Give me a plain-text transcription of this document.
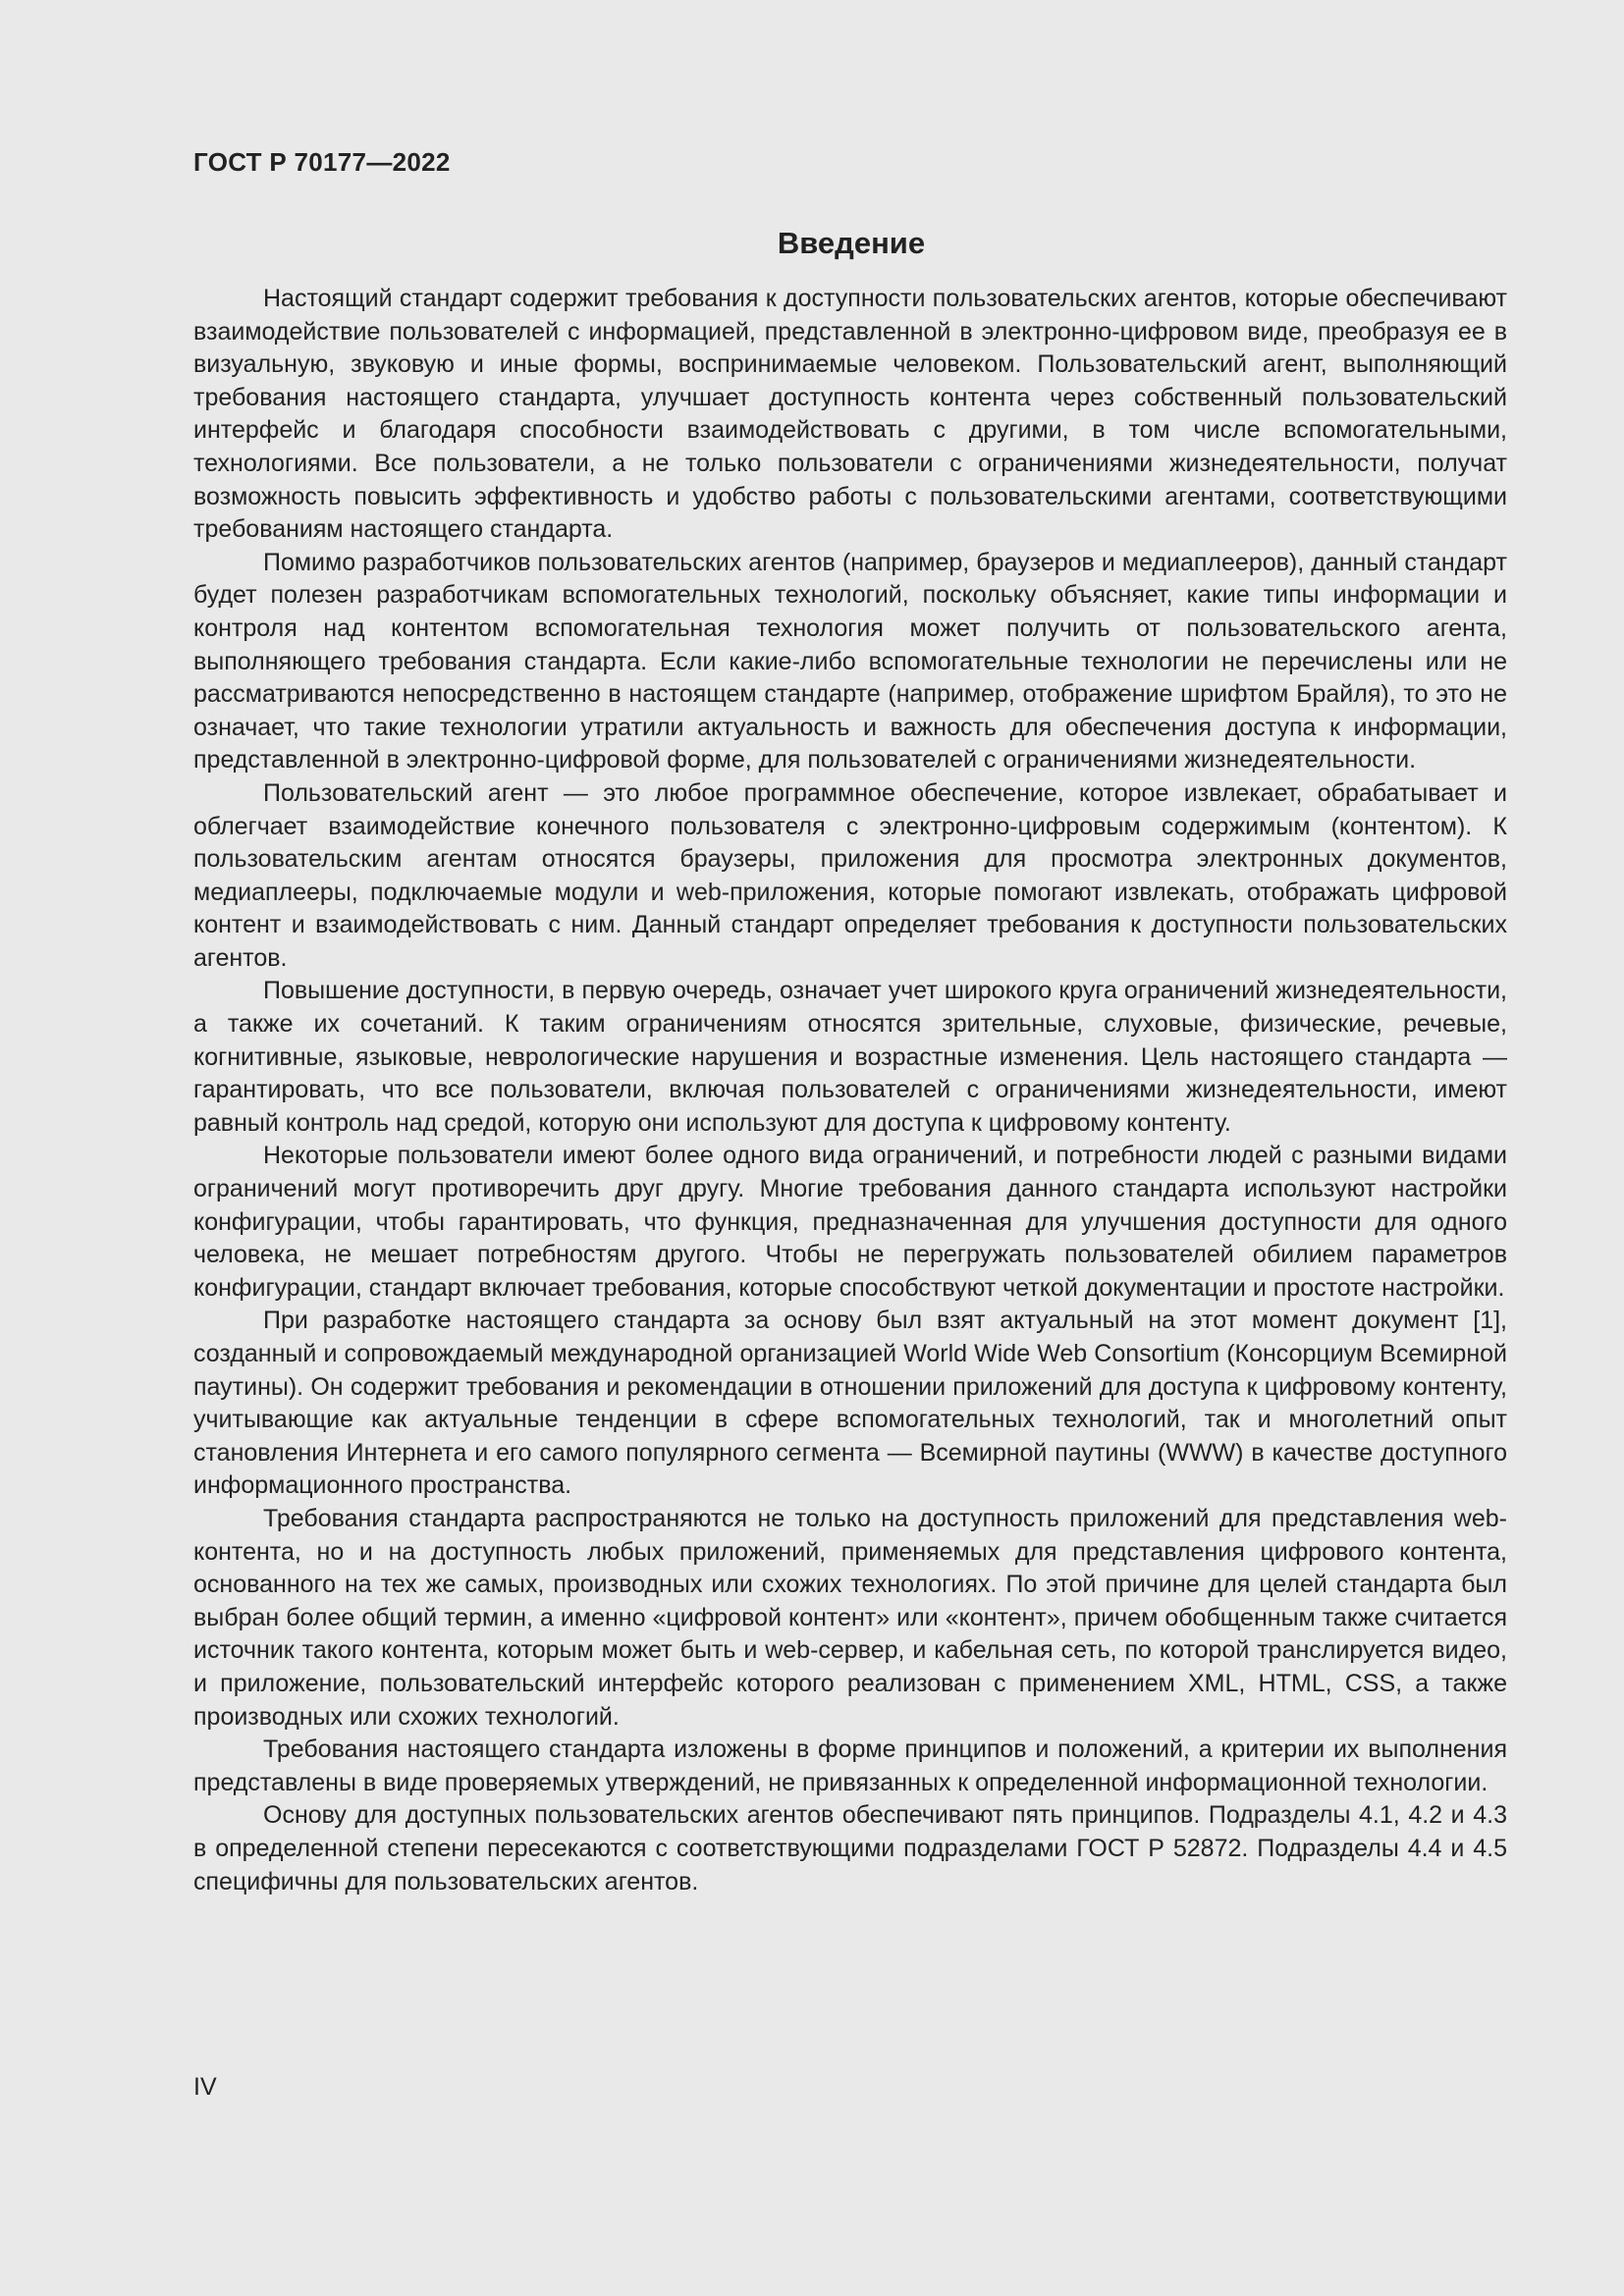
ГОСТ Р 70177—2022
Введение

Настоящий стандарт содержит требования к доступности пользовательских агентов, которые обеспечивают взаимодействие пользователей с информацией, представленной в электронно-цифровом виде, преобразуя ее в визуальную, звуковую и иные формы, воспринимаемые человеком. Пользовательский агент, выполняющий требования настоящего стандарта, улучшает доступность контента через собственный пользовательский интерфейс и благодаря способности взаимодействовать с другими, в том числе вспомогательными, технологиями. Все пользователи, а не только пользователи с ограничениями жизнедеятельности, получат возможность повысить эффективность и удобство работы с пользовательскими агентами, соответствующими требованиям настоящего стандарта.

Помимо разработчиков пользовательских агентов (например, браузеров и медиаплееров), данный стандарт будет полезен разработчикам вспомогательных технологий, поскольку объясняет, какие типы информации и контроля над контентом вспомогательная технология может получить от пользовательского агента, выполняющего требования стандарта. Если какие-либо вспомогательные технологии не перечислены или не рассматриваются непосредственно в настоящем стандарте (например, отображение шрифтом Брайля), то это не означает, что такие технологии утратили актуальность и важность для обеспечения доступа к информации, представленной в электронно-цифровой форме, для пользователей с ограничениями жизнедеятельности.

Пользовательский агент — это любое программное обеспечение, которое извлекает, обрабатывает и облегчает взаимодействие конечного пользователя с электронно-цифровым содержимым (контентом). К пользовательским агентам относятся браузеры, приложения для просмотра электронных документов, медиаплееры, подключаемые модули и web-приложения, которые помогают извлекать, отображать цифровой контент и взаимодействовать с ним. Данный стандарт определяет требования к доступности пользовательских агентов.

Повышение доступности, в первую очередь, означает учет широкого круга ограничений жизнедеятельности, а также их сочетаний. К таким ограничениям относятся зрительные, слуховые, физические, речевые, когнитивные, языковые, неврологические нарушения и возрастные изменения. Цель настоящего стандарта — гарантировать, что все пользователи, включая пользователей с ограничениями жизнедеятельности, имеют равный контроль над средой, которую они используют для доступа к цифровому контенту.

Некоторые пользователи имеют более одного вида ограничений, и потребности людей с разными видами ограничений могут противоречить друг другу. Многие требования данного стандарта используют настройки конфигурации, чтобы гарантировать, что функция, предназначенная для улучшения доступности для одного человека, не мешает потребностям другого. Чтобы не перегружать пользователей обилием параметров конфигурации, стандарт включает требования, которые способствуют четкой документации и простоте настройки.

При разработке настоящего стандарта за основу был взят актуальный на этот момент документ [1], созданный и сопровождаемый международной организацией World Wide Web Consortium (Консорциум Всемирной паутины). Он содержит требования и рекомендации в отношении приложений для доступа к цифровому контенту, учитывающие как актуальные тенденции в сфере вспомогательных технологий, так и многолетний опыт становления Интернета и его самого популярного сегмента — Всемирной паутины (WWW) в качестве доступного информационного пространства.

Требования стандарта распространяются не только на доступность приложений для представления web-контента, но и на доступность любых приложений, применяемых для представления цифрового контента, основанного на тех же самых, производных или схожих технологиях. По этой причине для целей стандарта был выбран более общий термин, а именно «цифровой контент» или «контент», причем обобщенным также считается источник такого контента, которым может быть и web-сервер, и кабельная сеть, по которой транслируется видео, и приложение, пользовательский интерфейс которого реализован с применением XML, HTML, CSS, а также производных или схожих технологий.

Требования настоящего стандарта изложены в форме принципов и положений, а критерии их выполнения представлены в виде проверяемых утверждений, не привязанных к определенной информационной технологии.

Основу для доступных пользовательских агентов обеспечивают пять принципов. Подразделы 4.1, 4.2 и 4.3 в определенной степени пересекаются с соответствующими подразделами ГОСТ Р 52872. Подразделы 4.4 и 4.5 специфичны для пользовательских агентов.

IV
